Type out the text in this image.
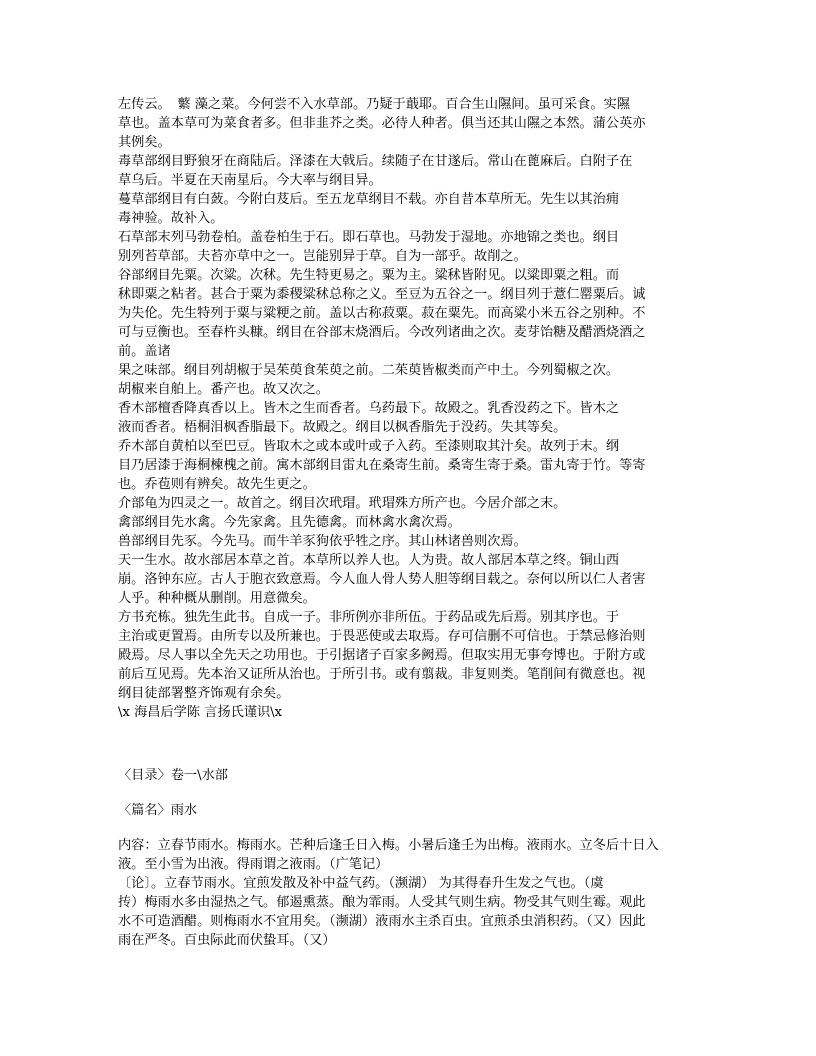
左传云。　蘩 藻之菜。今何尝不入水草部。乃疑于蕺耶。百合生山隰间。虽可采食。实隰
草也。盖本草可为菜食者多。但非韭芥之类。必待人种者。俱当还其山隰之本然。蒲公英亦
其例矣。
毒草部纲目野狼牙在商陆后。泽漆在大戟后。续随子在甘遂后。常山在蓖麻后。白附子在
草乌后。半夏在天南星后。今大率与纲目异。
蔓草部纲目有白蔹。今附白芨后。至五龙草纲目不载。亦自昔本草所无。先生以其治痈
毒神验。故补入。
石草部末列马勃卷柏。盖卷柏生于石。即石草也。马勃发于湿地。亦地锦之类也。纲目
别列苔草部。夫苔亦草中之一。岂能别异于草。自为一部乎。故削之。
谷部纲目先粟。次粱。次秫。先生特更易之。粟为主。粱秫皆附见。以粱即粟之粗。而
秫即粟之粘者。甚合于粟为黍稷粱秫总称之义。至豆为五谷之一。纲目列于薏仁罂粟后。诚
为失伦。先生特列于粟与粱粳之前。盖以古称菽粟。菽在粟先。而高粱小米五谷之别种。不
可与豆衡也。至春杵头糠。纲目在谷部末烧酒后。今改列诸曲之次。麦芽饴糖及醋酒烧酒之
前。盖诸
果之味部。纲目列胡椒于吴茱萸食茱萸之前。二茱萸皆椒类而产中土。今列蜀椒之次。
胡椒来自舶上。番产也。故又次之。
香木部檀香降真香以上。皆木之生而香者。乌药最下。故殿之。乳香没药之下。皆木之
液而香者。梧桐泪枫香脂最下。故殿之。纲目以枫香脂先于没药。失其等矣。
乔木部自黄柏以至巴豆。皆取木之或本或叶或子入药。至漆则取其汁矣。故列于末。纲
目乃居漆于海桐楝槐之前。寓木部纲目雷丸在桑寄生前。桑寄生寄于桑。雷丸寄于竹。等寄
也。乔苞则有辨矣。故先生更之。
介部龟为四灵之一。故首之。纲目次玳瑁。玳瑁殊方所产也。今居介部之末。
禽部纲目先水禽。今先家禽。且先德禽。而林禽水禽次焉。
兽部纲目先豕。今先马。而牛羊豕狗依乎牲之序。其山林诸兽则次焉。
天一生水。故水部居本草之首。本草所以养人也。人为贵。故人部居本草之终。铜山西
崩。洛钟东应。古人于胞衣致意焉。今人血人骨人势人胆等纲目载之。奈何以所以仁人者害
人乎。种种概从删削。用意微矣。
方书充栋。独先生此书。自成一子。非所例亦非所伍。于药品或先后焉。别其序也。于
主治或更置焉。由所专以及所兼也。于畏恶使或去取焉。存可信删不可信也。于禁忌修治则
殿焉。尽人事以全先天之功用也。于引据诸子百家多阙焉。但取实用无事夸博也。于附方或
前后互见焉。先本治又证所从治也。于所引书。或有翦裁。非复则类。笔削间有微意也。视
纲目徒部署整齐饰观有余矣。
\x 海昌后学陈 言扬氏谨识\x
〈目录〉卷一\水部
〈篇名〉雨水
内容：立春节雨水。梅雨水。芒种后逢壬日入梅。小暑后逢壬为出梅。液雨水。立冬后十日入
液。至小雪为出液。得雨谓之液雨。（广笔记）
〔论〕。立春节雨水。宜煎发散及补中益气药。（濒湖） 为其得春升生发之气也。（虞
抟）梅雨水多由湿热之气。郁遏熏蒸。酿为霏雨。人受其气则生病。物受其气则生霉。观此
水不可造酒醋。则梅雨水不宜用矣。（濒湖）液雨水主杀百虫。宜煎杀虫消积药。（又）因此
雨在严冬。百虫际此而伏蛰耳。（又）
